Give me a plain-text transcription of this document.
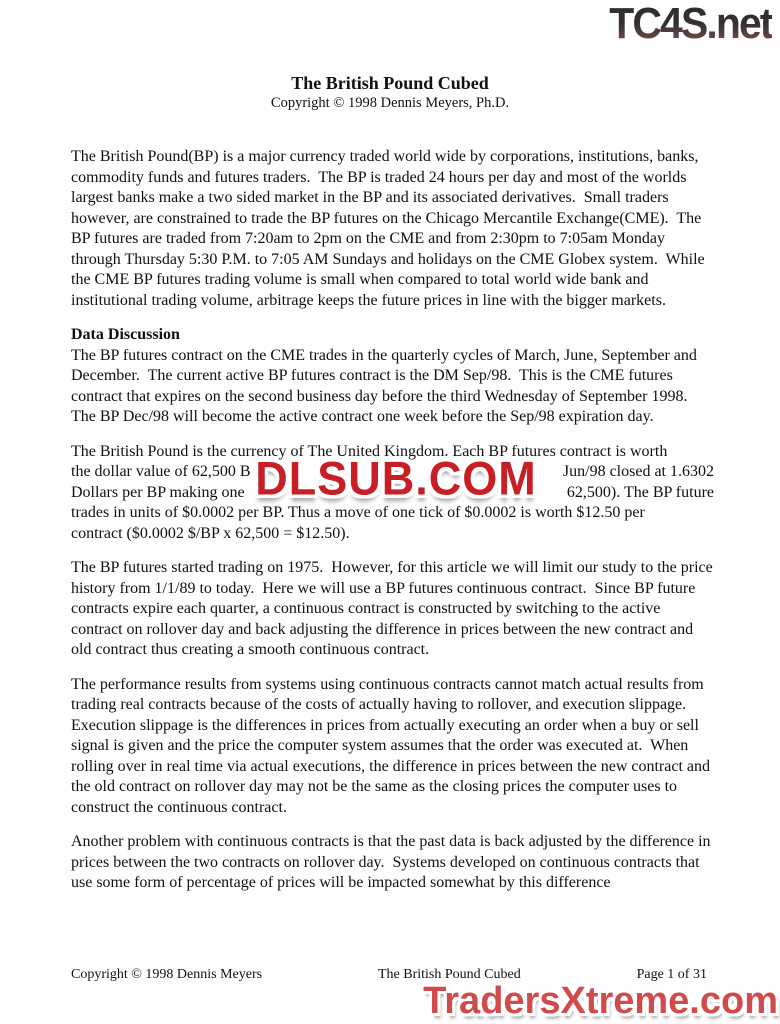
TC4S.net
The British Pound Cubed
Copyright © 1998 Dennis Meyers, Ph.D.

The British Pound(BP) is a major currency traded world wide by corporations, institutions, banks, commodity funds and futures traders.  The BP is traded 24 hours per day and most of the worlds largest banks make a two sided market in the BP and its associated derivatives.  Small traders however, are constrained to trade the BP futures on the Chicago Mercantile Exchange(CME).  The BP futures are traded from 7:20am to 2pm on the CME and from 2:30pm to 7:05am Monday through Thursday 5:30 P.M. to 7:05 AM Sundays and holidays on the CME Globex system.  While the CME BP futures trading volume is small when compared to total world wide bank and institutional trading volume, arbitrage keeps the future prices in line with the bigger markets.

Data Discussion

The BP futures contract on the CME trades in the quarterly cycles of March, June, September and December.  The current active BP futures contract is the DM Sep/98.  This is the CME futures contract that expires on the second business day before the third Wednesday of September 1998.  The BP Dec/98 will become the active contract one week before the Sep/98 expiration day.

The British Pound is the currency of The United Kingdom. Each BP futures contract is worth
the dollar value of 62,500 B	Jun/98 closed at 1.6302
Dollars per BP making one	62,500). The BP future
trades in units of $0.0002 per BP. Thus a move of one tick of $0.0002 is worth $12.50 per
contract ($0.0002 $/BP x 62,500 = $12.50).
DLSUB.COM

The BP futures started trading on 1975.  However, for this article we will limit our study to the price history from 1/1/89 to today.  Here we will use a BP futures continuous contract.  Since BP future contracts expire each quarter, a continuous contract is constructed by switching to the active contract on rollover day and back adjusting the difference in prices between the new contract and old contract thus creating a smooth continuous contract.

The performance results from systems using continuous contracts cannot match actual results from trading real contracts because of the costs of actually having to rollover, and execution slippage.  Execution slippage is the differences in prices from actually executing an order when a buy or sell signal is given and the price the computer system assumes that the order was executed at.  When rolling over in real time via actual executions, the difference in prices between the new contract and the old contract on rollover day may not be the same as the closing prices the computer uses to construct the continuous contract.

Another problem with continuous contracts is that the past data is back adjusted by the difference in prices between the two contracts on rollover day.  Systems developed on continuous contracts that use some form of percentage of prices will be impacted somewhat by this difference

Copyright © 1998 Dennis Meyers	The British Pound Cubed	Page 1 of 31
TradersXtreme.com
